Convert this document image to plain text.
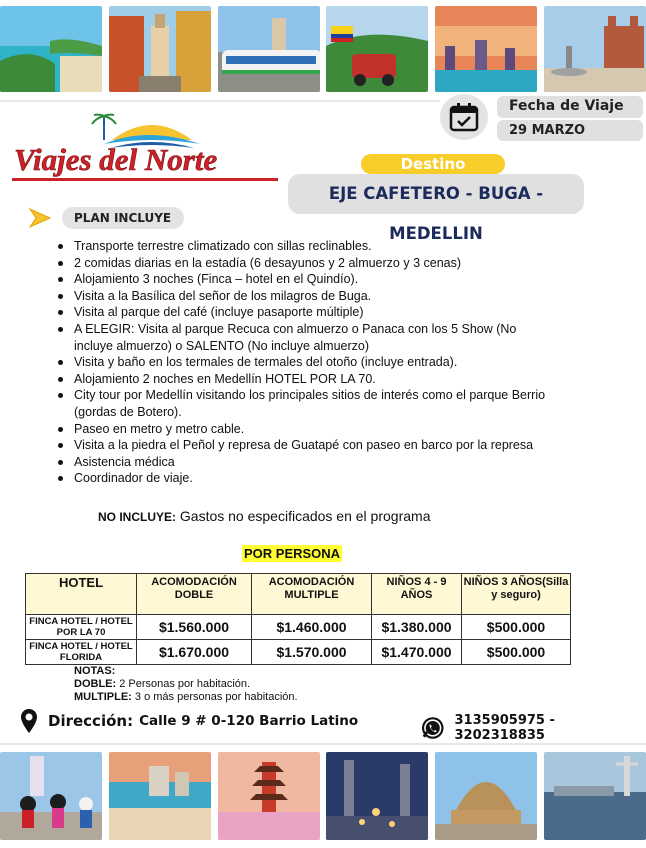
Viajes del Norte
Fecha de Viaje
29 MARZO
EJE CAFETERO - BUGA - MEDELLIN
Destino
PLAN INCLUYE
Transporte terrestre climatizado con sillas reclinables.
2 comidas diarias en la estadía (6 desayunos y 2 almuerzo y 3 cenas)
Alojamiento 3 noches (Finca – hotel en el Quindío).
Visita a la Basílica del señor de los milagros de Buga.
Visita al parque del café (incluye pasaporte múltiple)
A ELEGIR: Visita al parque Recuca con almuerzo o Panaca con los 5 Show (No incluye almuerzo) o SALENTO (No incluye almuerzo)
Visita y baño en los termales de termales del otoño (incluye entrada).
Alojamiento 2 noches en Medellín HOTEL POR LA 70.
City tour por Medellín visitando los principales sitios de interés como el parque Berrio (gordas de Botero).
Paseo en metro y metro cable.
Visita a la piedra el Peñol y represa de Guatapé con paseo en barco por la represa
Asistencia médica
Coordinador de viaje.
NO INCLUYE: Gastos no especificados en el programa
POR PERSONA
HOTEL	ACOMODACIÓN DOBLE	ACOMODACIÓN MULTIPLE	NIÑOS 4 - 9 AÑOS	NIÑOS 3 AÑOS(Silla y seguro)
FINCA HOTEL / HOTEL POR LA 70	$1.560.000	$1.460.000	$1.380.000	$500.000
FINCA HOTEL / HOTEL FLORIDA	$1.670.000	$1.570.000	$1.470.000	$500.000
NOTAS:
DOBLE: 2 Personas por habitación.
MULTIPLE: 3 o más personas por habitación.
Dirección: Calle 9 # 0-120 Barrio Latino	3135905975 - 3202318835
